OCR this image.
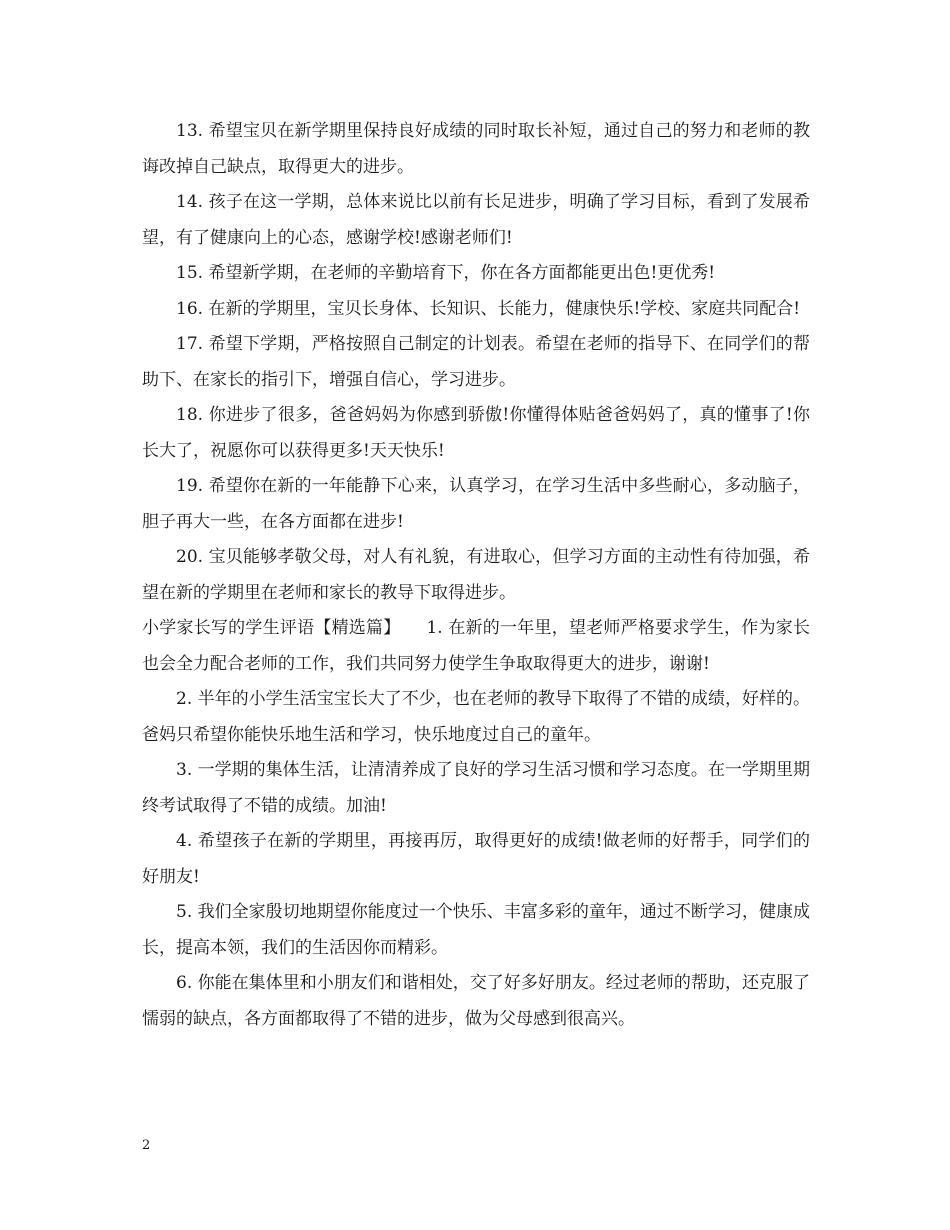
13. 希望宝贝在新学期里保持良好成绩的同时取长补短，通过自己的努力和老师的教诲改掉自己缺点，取得更大的进步。

14. 孩子在这一学期，总体来说比以前有长足进步，明确了学习目标，看到了发展希望，有了健康向上的心态，感谢学校!感谢老师们!

15. 希望新学期，在老师的辛勤培育下，你在各方面都能更出色!更优秀!

16. 在新的学期里，宝贝长身体、长知识、长能力，健康快乐!学校、家庭共同配合!

17. 希望下学期，严格按照自己制定的计划表。希望在老师的指导下、在同学们的帮助下、在家长的指引下，增强自信心，学习进步。

18. 你进步了很多，爸爸妈妈为你感到骄傲!你懂得体贴爸爸妈妈了，真的懂事了!你长大了，祝愿你可以获得更多!天天快乐!

19. 希望你在新的一年能静下心来，认真学习，在学习生活中多些耐心，多动脑子，胆子再大一些，在各方面都在进步!

20. 宝贝能够孝敬父母，对人有礼貌，有进取心，但学习方面的主动性有待加强，希望在新的学期里在老师和家长的教导下取得进步。

小学家长写的学生评语【精选篇】　　1. 在新的一年里，望老师严格要求学生，作为家长也会全力配合老师的工作，我们共同努力使学生争取取得更大的进步，谢谢!

2. 半年的小学生活宝宝长大了不少，也在老师的教导下取得了不错的成绩，好样的。爸妈只希望你能快乐地生活和学习，快乐地度过自己的童年。

3. 一学期的集体生活，让清清养成了良好的学习生活习惯和学习态度。在一学期里期终考试取得了不错的成绩。加油!

4. 希望孩子在新的学期里，再接再厉，取得更好的成绩!做老师的好帮手，同学们的好朋友!

5. 我们全家殷切地期望你能度过一个快乐、丰富多彩的童年，通过不断学习，健康成长，提高本领，我们的生活因你而精彩。

6. 你能在集体里和小朋友们和谐相处，交了好多好朋友。经过老师的帮助，还克服了懦弱的缺点，各方面都取得了不错的进步，做为父母感到很高兴。

2
